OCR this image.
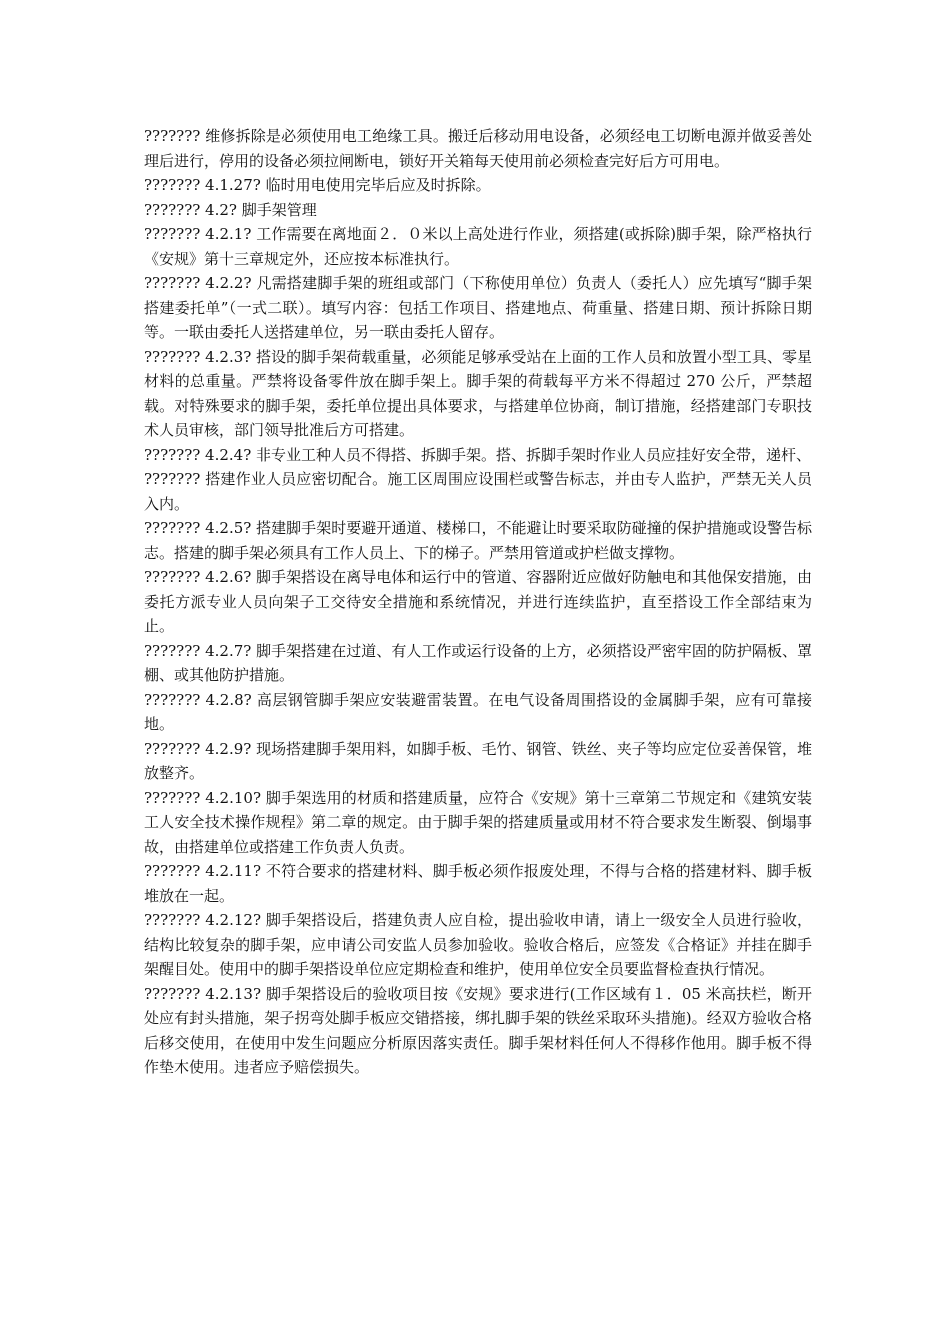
??????? 维修拆除是必须使用电工绝缘工具。搬迁后移动用电设备，必须经电工切断电源并做妥善处理后进行，停用的设备必须拉闸断电，锁好开关箱每天使用前必须检查完好后方可用电。

??????? 4.1.27? 临时用电使用完毕后应及时拆除。

??????? 4.2? 脚手架管理

??????? 4.2.1? 工作需要在离地面２．０米以上高处进行作业，须搭建(或拆除)脚手架，除严格执行《安规》第十三章规定外，还应按本标准执行。

??????? 4.2.2? 凡需搭建脚手架的班组或部门（下称使用单位）负责人（委托人）应先填写“脚手架搭建委托单”（一式二联）。填写内容：包括工作项目、搭建地点、荷重量、搭建日期、预计拆除日期等。一联由委托人送搭建单位，另一联由委托人留存。

??????? 4.2.3? 搭设的脚手架荷载重量，必须能足够承受站在上面的工作人员和放置小型工具、零星材料的总重量。严禁将设备零件放在脚手架上。脚手架的荷载每平方米不得超过 270 公斤，严禁超载。对特殊要求的脚手架，委托单位提出具体要求，与搭建单位协商，制订措施，经搭建部门专职技术人员审核，部门领导批准后方可搭建。

??????? 4.2.4? 非专业工种人员不得搭、拆脚手架。搭、拆脚手架时作业人员应挂好安全带，递杆、

??????? 搭建作业人员应密切配合。施工区周围应设围栏或警告标志，并由专人监护，严禁无关人员入内。

??????? 4.2.5? 搭建脚手架时要避开通道、楼梯口，不能避让时要采取防碰撞的保护措施或设警告标志。搭建的脚手架必须具有工作人员上、下的梯子。严禁用管道或护栏做支撑物。

??????? 4.2.6? 脚手架搭设在离导电体和运行中的管道、容器附近应做好防触电和其他保安措施，由委托方派专业人员向架子工交待安全措施和系统情况，并进行连续监护，直至搭设工作全部结束为止。

??????? 4.2.7? 脚手架搭建在过道、有人工作或运行设备的上方，必须搭设严密牢固的防护隔板、罩棚、或其他防护措施。

??????? 4.2.8? 高层钢管脚手架应安装避雷装置。在电气设备周围搭设的金属脚手架，应有可靠接地。

??????? 4.2.9? 现场搭建脚手架用料，如脚手板、毛竹、钢管、铁丝、夹子等均应定位妥善保管，堆放整齐。

??????? 4.2.10? 脚手架选用的材质和搭建质量，应符合《安规》第十三章第二节规定和《建筑安装工人安全技术操作规程》第二章的规定。由于脚手架的搭建质量或用材不符合要求发生断裂、倒塌事故，由搭建单位或搭建工作负责人负责。

??????? 4.2.11? 不符合要求的搭建材料、脚手板必须作报废处理，不得与合格的搭建材料、脚手板堆放在一起。

??????? 4.2.12? 脚手架搭设后，搭建负责人应自检，提出验收申请，请上一级安全人员进行验收，结构比较复杂的脚手架，应申请公司安监人员参加验收。验收合格后，应签发《合格证》并挂在脚手架醒目处。使用中的脚手架搭设单位应定期检查和维护，使用单位安全员要监督检查执行情况。

??????? 4.2.13? 脚手架搭设后的验收项目按《安规》要求进行(工作区域有１．05 米高扶栏，断开处应有封头措施，架子拐弯处脚手板应交错搭接，绑扎脚手架的铁丝采取环头措施)。经双方验收合格后移交使用，在使用中发生问题应分析原因落实责任。脚手架材料任何人不得移作他用。脚手板不得作垫木使用。违者应予赔偿损失。
